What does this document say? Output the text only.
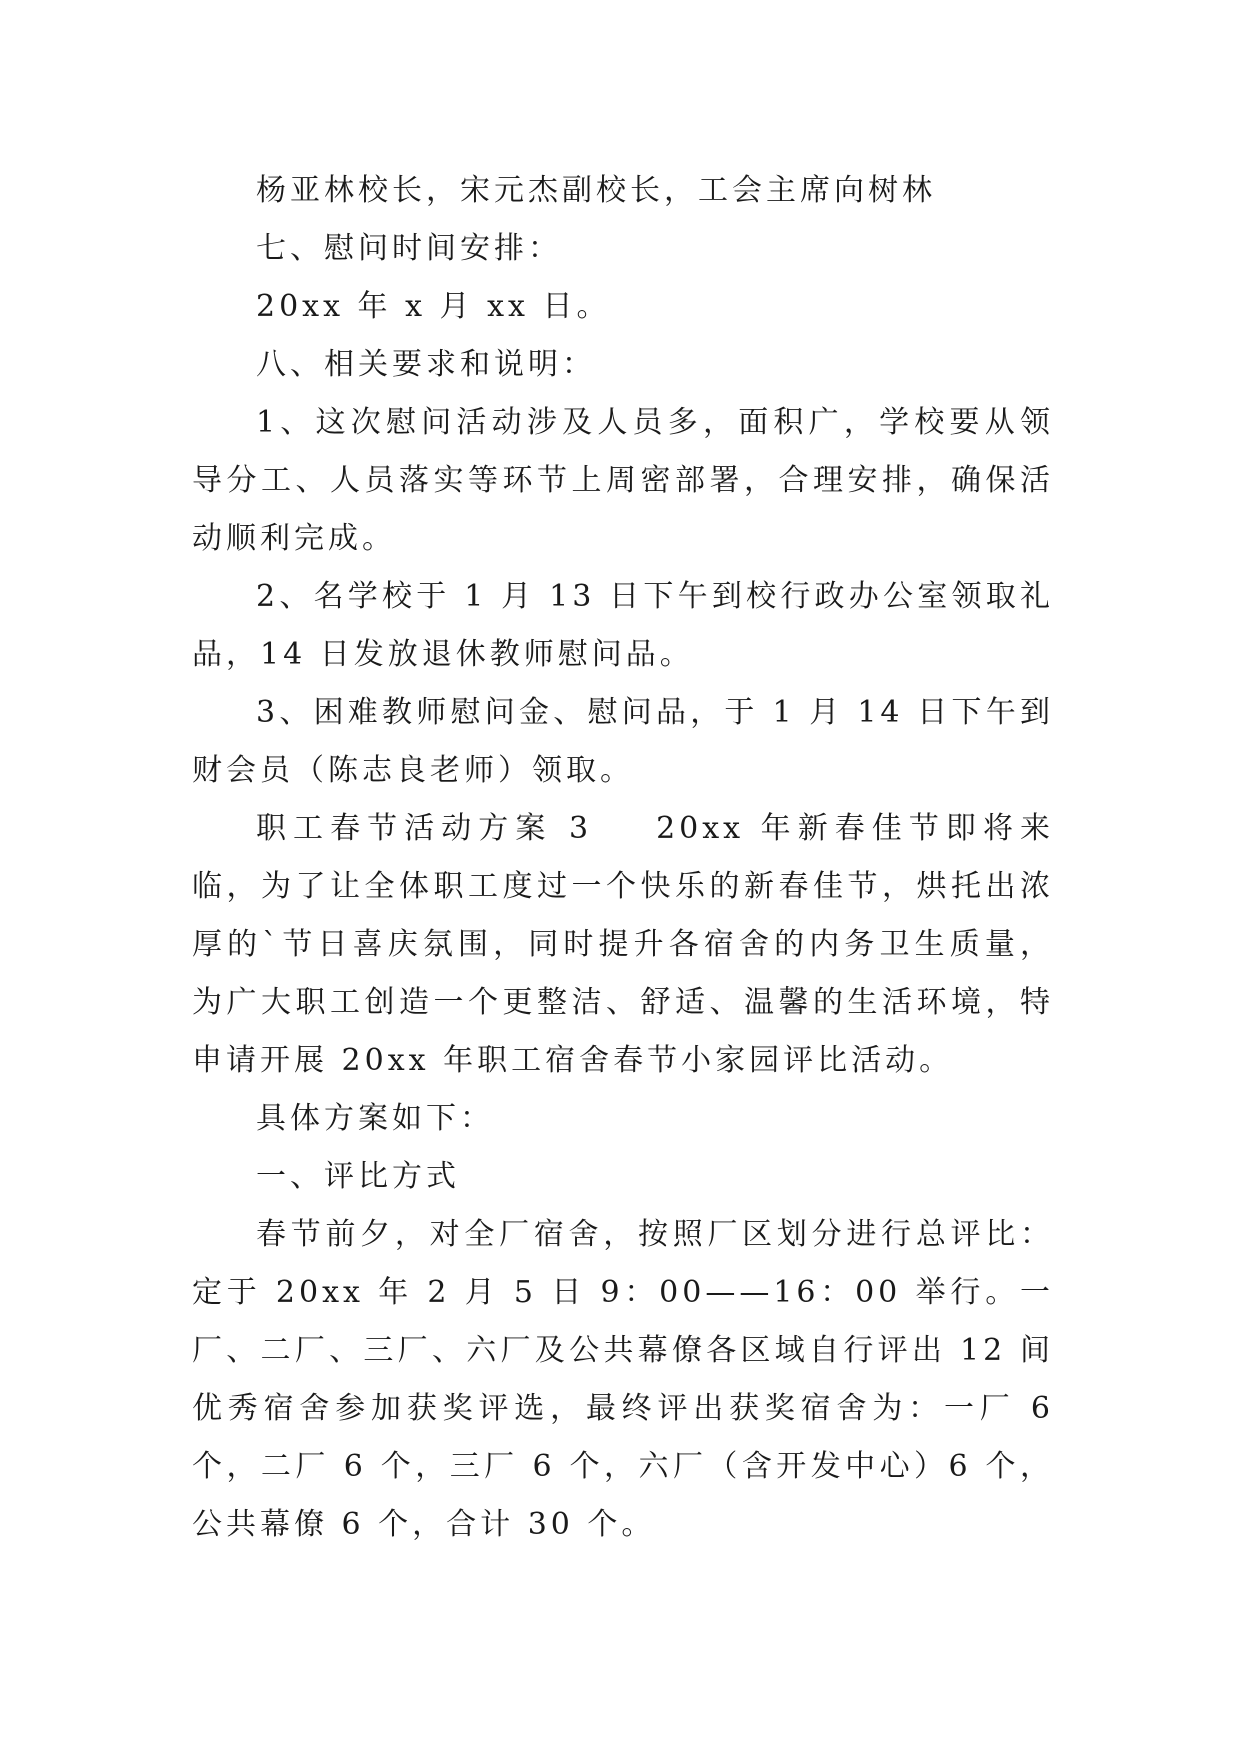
杨亚林校长，宋元杰副校长，工会主席向树林

七、慰问时间安排：

20xx 年 x 月 xx 日。

八、相关要求和说明：

1、这次慰问活动涉及人员多，面积广，学校要从领导分工、人员落实等环节上周密部署，合理安排，确保活动顺利完成。

2、名学校于 1 月 13 日下午到校行政办公室领取礼品，14 日发放退休教师慰问品。

3、困难教师慰问金、慰问品，于 1 月 14 日下午到财会员（陈志良老师）领取。

职工春节活动方案 3 20xx 年新春佳节即将来临，为了让全体职工度过一个快乐的新春佳节，烘托出浓厚的`节日喜庆氛围，同时提升各宿舍的内务卫生质量，为广大职工创造一个更整洁、舒适、温馨的生活环境，特申请开展 20xx 年职工宿舍春节小家园评比活动。

具体方案如下：

一、评比方式

春节前夕，对全厂宿舍，按照厂区划分进行总评比：定于 20xx 年 2 月 5 日 9：00——16：00 举行。一厂、二厂、三厂、六厂及公共幕僚各区域自行评出 12 间优秀宿舍参加获奖评选，最终评出获奖宿舍为：一厂 6 个，二厂 6 个，三厂 6 个，六厂（含开发中心）6 个，公共幕僚 6 个，合计 30 个。
